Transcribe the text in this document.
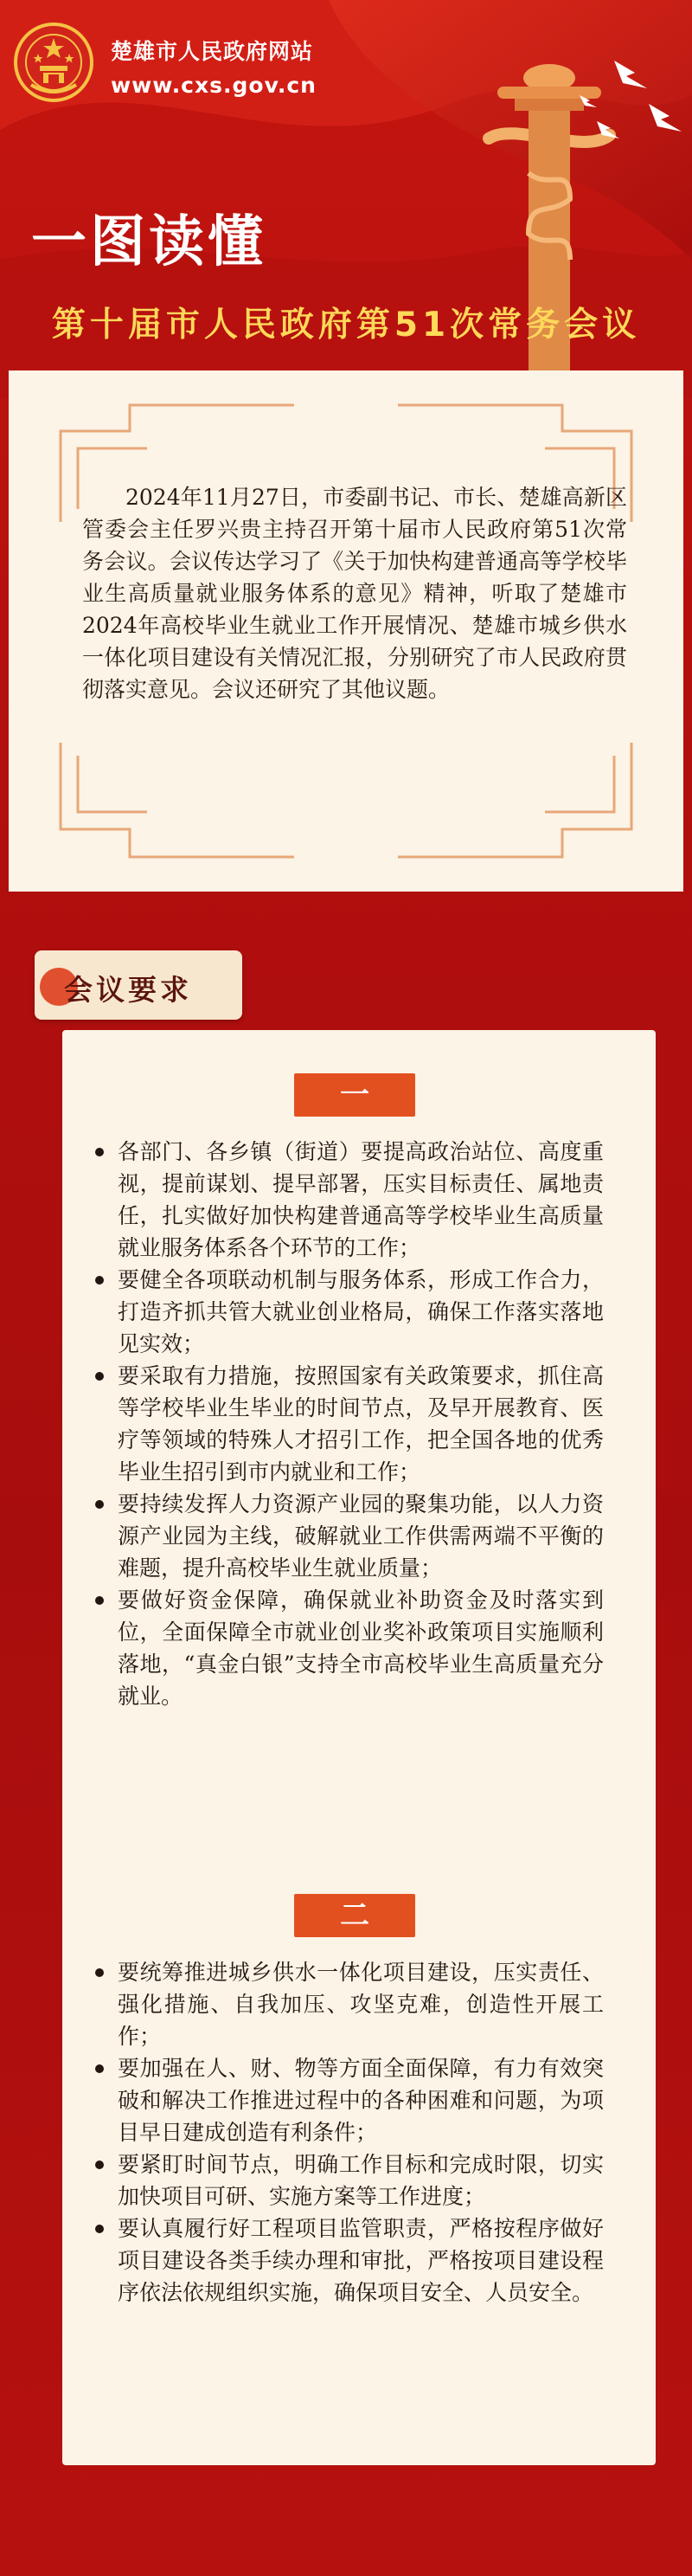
楚雄市人民政府网站
www.cxs.gov.cn
一图读懂
第十届市人民政府第51次常务会议
2024年11月27日，市委副书记、市长、楚雄高新区管委会主任罗兴贵主持召开第十届市人民政府第51次常务会议。会议传达学习了《关于加快构建普通高等学校毕业生高质量就业服务体系的意见》精神，听取了楚雄市2024年高校毕业生就业工作开展情况、楚雄市城乡供水一体化项目建设有关情况汇报，分别研究了市人民政府贯彻落实意见。会议还研究了其他议题。
会议要求
一
各部门、各乡镇（街道）要提高政治站位、高度重视，提前谋划、提早部署，压实目标责任、属地责任，扎实做好加快构建普通高等学校毕业生高质量就业服务体系各个环节的工作；
要健全各项联动机制与服务体系，形成工作合力，打造齐抓共管大就业创业格局，确保工作落实落地见实效；
要采取有力措施，按照国家有关政策要求，抓住高等学校毕业生毕业的时间节点，及早开展教育、医疗等领域的特殊人才招引工作，把全国各地的优秀毕业生招引到市内就业和工作；
要持续发挥人力资源产业园的聚集功能，以人力资源产业园为主线，破解就业工作供需两端不平衡的难题，提升高校毕业生就业质量；
要做好资金保障，确保就业补助资金及时落实到位，全面保障全市就业创业奖补政策项目实施顺利落地，“真金白银”支持全市高校毕业生高质量充分就业。
二
要统筹推进城乡供水一体化项目建设，压实责任、强化措施、自我加压、攻坚克难，创造性开展工作；
要加强在人、财、物等方面全面保障，有力有效突破和解决工作推进过程中的各种困难和问题，为项目早日建成创造有利条件；
要紧盯时间节点，明确工作目标和完成时限，切实加快项目可研、实施方案等工作进度；
要认真履行好工程项目监管职责，严格按程序做好项目建设各类手续办理和审批，严格按项目建设程序依法依规组织实施，确保项目安全、人员安全。
